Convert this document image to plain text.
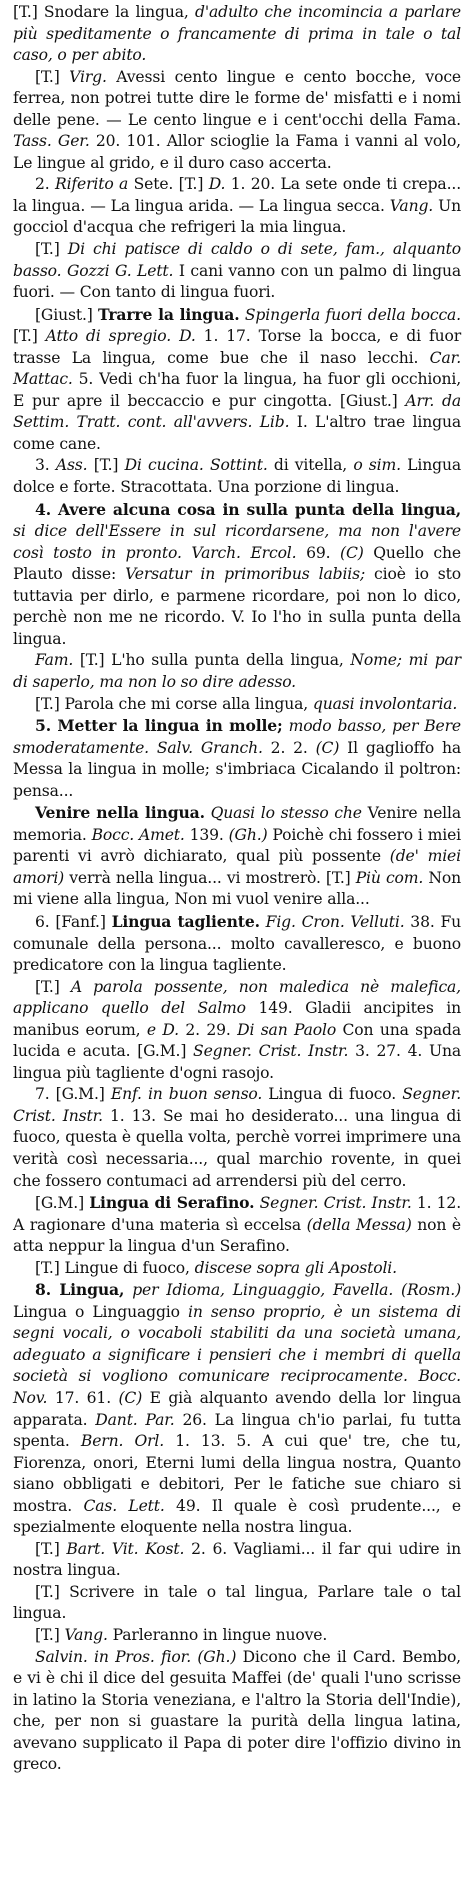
[T.] Snodare la lingua, d'adulto che incomincia a parlare più speditamente o francamente di prima in tale o tal caso, o per abito.

[T.] Virg. Avessi cento lingue e cento bocche, voce ferrea, non potrei tutte dire le forme de' misfatti e i nomi delle pene. — Le cento lingue e i cent'occhi della Fama. Tass. Ger. 20. 101. Allor scioglie la Fama i vanni al volo, Le lingue al grido, e il duro caso accerta.

2. Riferito a Sete. [T.] D. 1. 20. La sete onde ti crepa... la lingua. — La lingua arida. — La lingua secca. Vang. Un gocciol d'acqua che refrigeri la mia lingua.

[T.] Di chi patisce di caldo o di sete, fam., alquanto basso. Gozzi G. Lett. I cani vanno con un palmo di lingua fuori. — Con tanto di lingua fuori.

[Giust.] Trarre la lingua. Spingerla fuori della bocca. [T.] Atto di spregio. D. 1. 17. Torse la bocca, e di fuor trasse La lingua, come bue che il naso lecchi. Car. Mattac. 5. Vedi ch'ha fuor la lingua, ha fuor gli occhioni, E pur apre il beccaccio e pur cingotta. [Giust.] Arr. da Settim. Tratt. cont. all'avvers. Lib. I. L'altro trae lingua come cane.

3. Ass. [T.] Di cucina. Sottint. di vitella, o sim. Lingua dolce e forte. Stracottata. Una porzione di lingua.

4. Avere alcuna cosa in sulla punta della lingua, si dice dell'Essere in sul ricordarsene, ma non l'avere così tosto in pronto. Varch. Ercol. 69. (C) Quello che Plauto disse: Versatur in primoribus labiis; cioè io sto tuttavia per dirlo, e parmene ricordare, poi non lo dico, perchè non me ne ricordo. V. Io l'ho in sulla punta della lingua.

Fam. [T.] L'ho sulla punta della lingua, Nome; mi par di saperlo, ma non lo so dire adesso.

[T.] Parola che mi corse alla lingua, quasi involontaria.

5. Metter la lingua in molle; modo basso, per Bere smoderatamente. Salv. Granch. 2. 2. (C) Il gaglioffo ha Messa la lingua in molle; s'imbriaca Cicalando il poltron: pensa...

Venire nella lingua. Quasi lo stesso che Venire nella memoria. Bocc. Amet. 139. (Gh.) Poichè chi fossero i miei parenti vi avrò dichiarato, qual più possente (de' miei amori) verrà nella lingua... vi mostrerò. [T.] Più com. Non mi viene alla lingua, Non mi vuol venire alla...

6. [Fanf.] Lingua tagliente. Fig. Cron. Velluti. 38. Fu comunale della persona... molto cavalleresco, e buono predicatore con la lingua tagliente.

[T.] A parola possente, non maledica nè malefica, applicano quello del Salmo 149. Gladii ancipites in manibus eorum, e D. 2. 29. Di san Paolo Con una spada lucida e acuta. [G.M.] Segner. Crist. Instr. 3. 27. 4. Una lingua più tagliente d'ogni rasojo.

7. [G.M.] Enf. in buon senso. Lingua di fuoco. Segner. Crist. Instr. 1. 13. Se mai ho desiderato... una lingua di fuoco, questa è quella volta, perchè vorrei imprimere una verità così necessaria..., qual marchio rovente, in quei che fossero contumaci ad arrendersi più del cerro.

[G.M.] Lingua di Serafino. Segner. Crist. Instr. 1. 12. A ragionare d'una materia sì eccelsa (della Messa) non è atta neppur la lingua d'un Serafino.

[T.] Lingue di fuoco, discese sopra gli Apostoli.

8. Lingua, per Idioma, Linguaggio, Favella. (Rosm.) Lingua o Linguaggio in senso proprio, è un sistema di segni vocali, o vocaboli stabiliti da una società umana, adeguato a significare i pensieri che i membri di quella società si vogliono comunicare reciprocamente. Bocc. Nov. 17. 61. (C) E già alquanto avendo della lor lingua apparata. Dant. Par. 26. La lingua ch'io parlai, fu tutta spenta. Bern. Orl. 1. 13. 5. A cui que' tre, che tu, Fiorenza, onori, Eterni lumi della lingua nostra, Quanto siano obbligati e debitori, Per le fatiche sue chiaro si mostra. Cas. Lett. 49. Il quale è così prudente..., e spezialmente eloquente nella nostra lingua.

[T.] Bart. Vit. Kost. 2. 6. Vagliami... il far qui udire in nostra lingua.

[T.] Scrivere in tale o tal lingua, Parlare tale o tal lingua.

[T.] Vang. Parleranno in lingue nuove.

Salvin. in Pros. fior. (Gh.) Dicono che il Card. Bembo, e vi è chi il dice del gesuita Maffei (de' quali l'uno scrisse in latino la Storia veneziana, e l'altro la Storia dell'Indie), che, per non si guastare la purità della lingua latina, avevano supplicato il Papa di poter dire l'offizio divino in greco.
